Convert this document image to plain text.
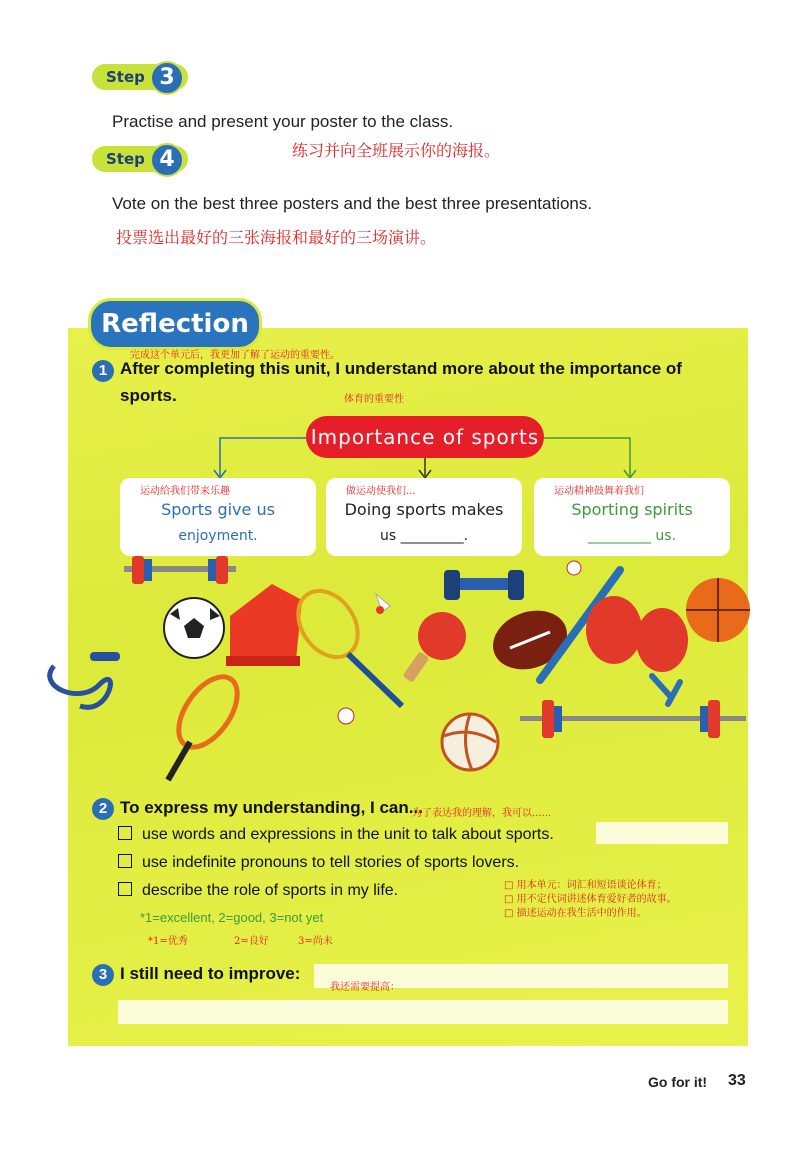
Step 3
Practise and present your poster to the class.
练习并向全班展示你的海报。
Step 4
Vote on the best three posters and the best three presentations.
投票选出最好的三张海报和最好的三场演讲。
Reflection
完成这个单元后，我更加了解了运动的重要性。
1 After completing this unit, I understand more about the importance of
sports.	体育的重要性
Importance of sports
运动给我们带来乐趣
Sports give us
enjoyment.
做运动使我们...
Doing sports makes
us _________.
运动精神鼓舞着我们
Sporting spirits
_________ us.
2 To express my understanding, I can...
为了表达我的理解，我可以......
use words and expressions in the unit to talk about sports.
use indefinite pronouns to tell stories of sports lovers.
describe the role of sports in my life.	□ 用本单元：词汇和短语谈论体育；
□ 用不定代词讲述体育爱好者的故事。
□ 描述运动在我生活中的作用。
*1=excellent, 2=good, 3=not yet
*1=优秀	2=良好	3=尚未
3 I still need to improve:
我还需要提高：
Go for it! 33
